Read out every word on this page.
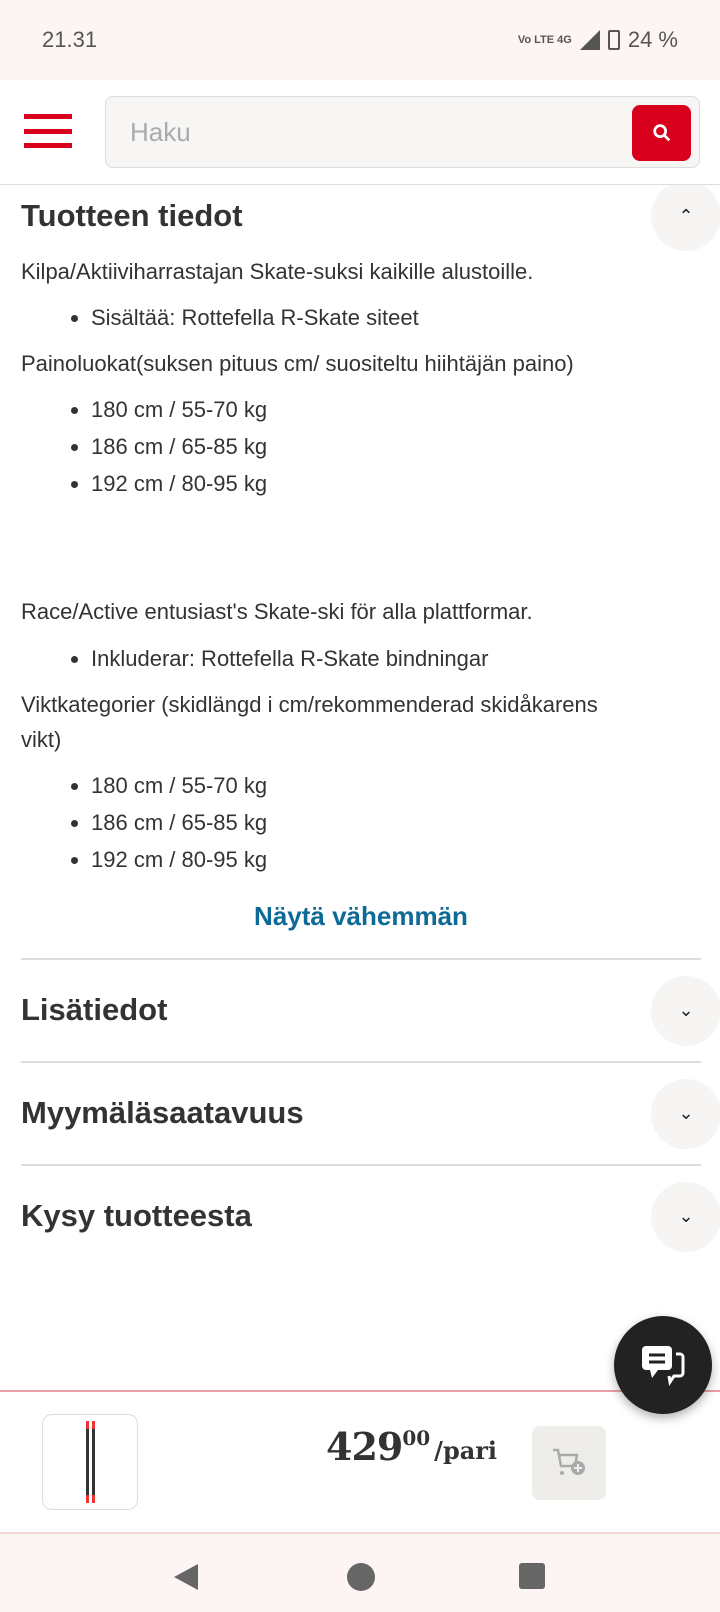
21.31	Vo LTE 4G	24 %
Haku
Tuotteen tiedot	⌃

Kilpa/Aktiiviharrastajan Skate-suksi kaikille alustoille.

• Sisältää: Rottefella R-Skate siteet

Painoluokat(suksen pituus cm/ suositeltu hiihtäjän paino)

• 180 cm / 55-70 kg
• 186 cm / 65-85 kg
• 192 cm / 80-95 kg

Race/Active entusiast's Skate-ski för alla plattformar.

• Inkluderar: Rottefella R-Skate bindningar

Viktkategorier (skidlängd i cm/rekommenderad skidåkarens vikt)

• 180 cm / 55-70 kg
• 186 cm / 65-85 kg
• 192 cm / 80-95 kg
Näytä vähemmän
Lisätiedot	⌄
Myymäläsaatavuus	⌄
Kysy tuotteesta	⌄
429 00 /pari
